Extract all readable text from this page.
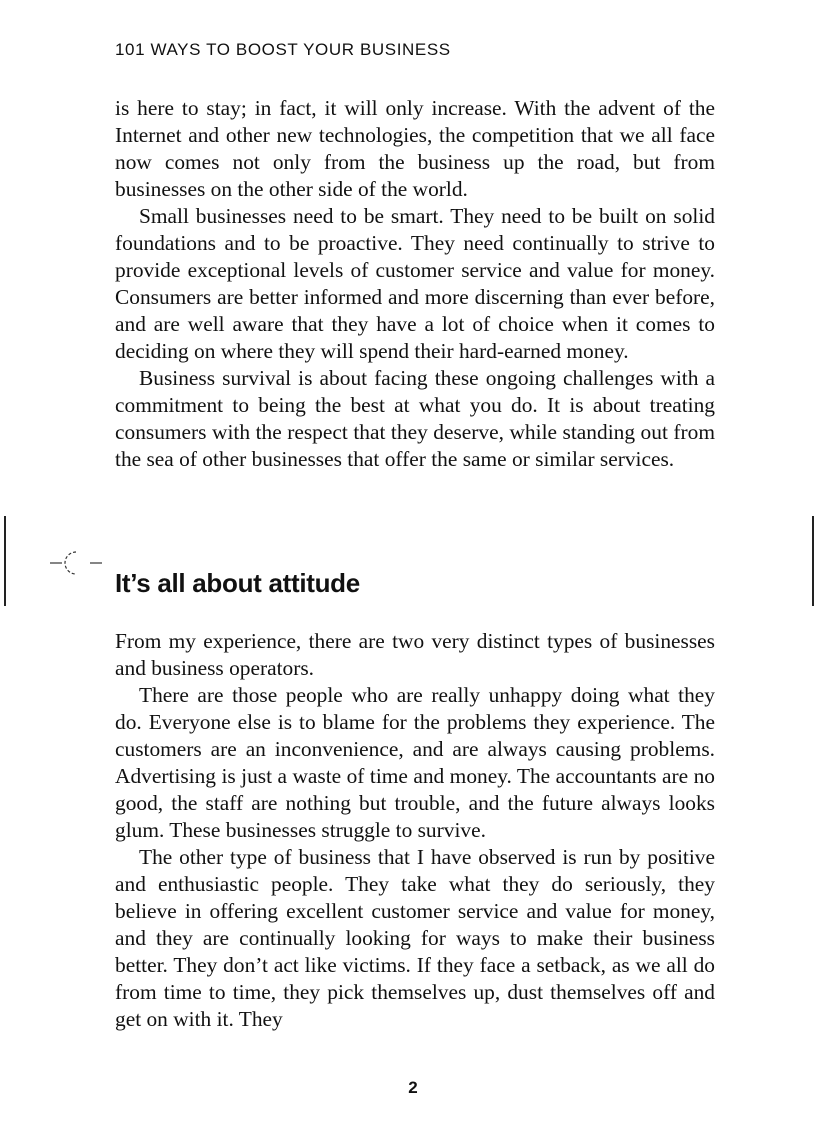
101 WAYS TO BOOST YOUR BUSINESS

is here to stay; in fact, it will only increase. With the advent of the Internet and other new technologies, the competition that we all face now comes not only from the business up the road, but from businesses on the other side of the world.

Small businesses need to be smart. They need to be built on solid foundations and to be proactive. They need continually to strive to provide exceptional levels of customer service and value for money. Consumers are better informed and more discerning than ever before, and are well aware that they have a lot of choice when it comes to deciding on where they will spend their hard-earned money.

Business survival is about facing these ongoing challenges with a commitment to being the best at what you do. It is about treating consumers with the respect that they deserve, while standing out from the sea of other businesses that offer the same or similar services.

It’s all about attitude

From my experience, there are two very distinct types of businesses and business operators.

There are those people who are really unhappy doing what they do. Everyone else is to blame for the problems they experience. The customers are an inconvenience, and are always causing problems. Advertising is just a waste of time and money. The accountants are no good, the staff are nothing but trouble, and the future always looks glum. These businesses struggle to survive.

The other type of business that I have observed is run by positive and enthusiastic people. They take what they do seriously, they believe in offering excellent customer service and value for money, and they are continually looking for ways to make their business better. They don’t act like victims. If they face a setback, as we all do from time to time, they pick themselves up, dust themselves off and get on with it. They

2
